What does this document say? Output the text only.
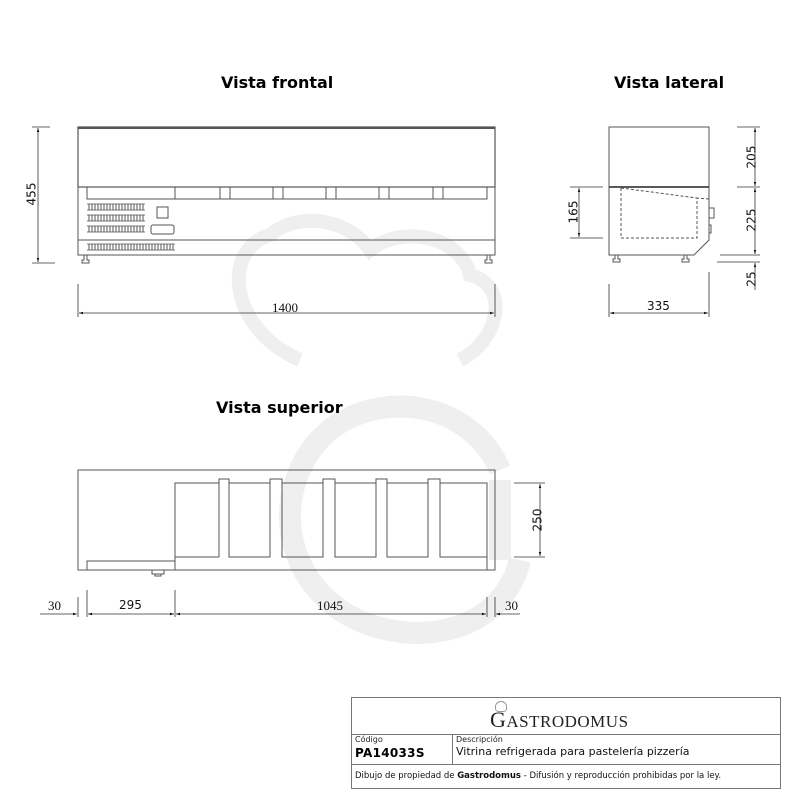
Vista frontal	Vista lateral
Vista superior
455
1400
165
205
225
25
335
250
30	295	1045	30
GASTRODOMUS
Código
PA14033S
Descripción
Vitrina refrigerada para pastelería pizzería
Dibujo de propiedad de Gastrodomus - Difusión y reproducción prohibidas por la ley.
